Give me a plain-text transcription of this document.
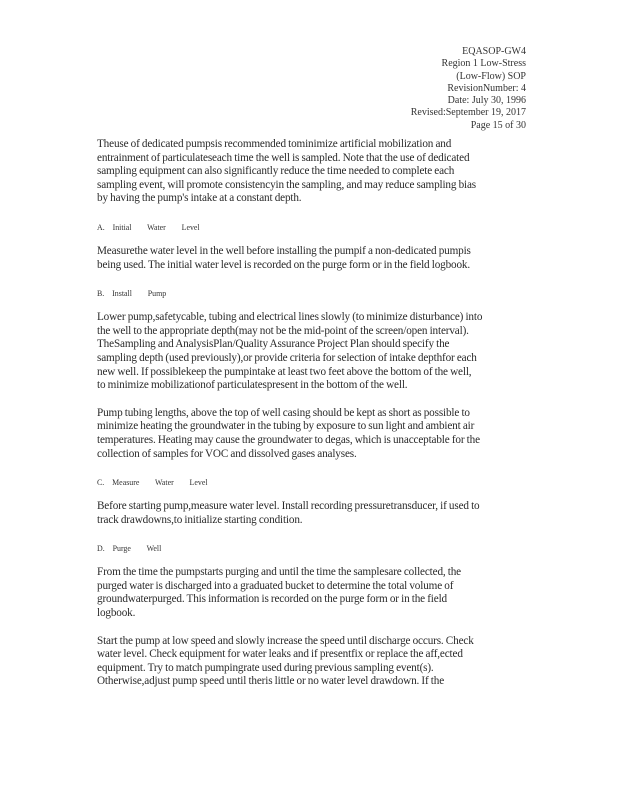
EQASOP-GW4
Region 1 Low-Stress
(Low-Flow) SOP
RevisionNumber: 4
Date: July 30, 1996
Revised:September 19, 2017
Page 15 of 30

Theuse of dedicated pumpsis recommended tominimize artificial mobilization and
entrainment of particulateseach time the well is sampled. Note that the use of dedicated
sampling equipment can also significantly reduce the time needed to complete each
sampling event, will promote consistencyin the sampling, and may reduce sampling bias
by having the pump's intake at a constant depth.

A.    Initial        Water        Level

Measurethe water level in the well before installing the pumpif a non-dedicated pumpis
being used. The initial water level is recorded on the purge form or in the field logbook.

B.    Install        Pump

Lower pump,safetycable, tubing and electrical lines slowly (to minimize disturbance) into
the well to the appropriate depth(may not be the mid-point of the screen/open interval).
TheSampling and AnalysisPlan/Quality Assurance Project Plan should specify the
sampling depth (used previously),or provide criteria for selection of intake depthfor each
new well. If possiblekeep the pumpintake at least two feet above the bottom of the well,
to minimize mobilizationof particulatespresent in the bottom of the well.

Pump tubing lengths, above the top of well casing should be kept as short as possible to
minimize heating the groundwater in the tubing by exposure to sun light and ambient air
temperatures. Heating may cause the groundwater to degas, which is unacceptable for the
collection of samples for VOC and dissolved gases analyses.

C.    Measure        Water        Level

Before starting pump,measure water level. Install recording pressuretransducer, if used to
track drawdowns,to initialize starting condition.

D.    Purge        Well

From the time the pumpstarts purging and until the time the samplesare collected, the
purged water is discharged into a graduated bucket to determine the total volume of
groundwaterpurged. This information is recorded on the purge form or in the field
logbook.

Start the pump at low speed and slowly increase the speed until discharge occurs. Check
water level. Check equipment for water leaks and if presentfix or replace the aff,ected
equipment. Try to match pumpingrate used during previous sampling event(s).
Otherwise,adjust pump speed until theris little or no water level drawdown. If the
